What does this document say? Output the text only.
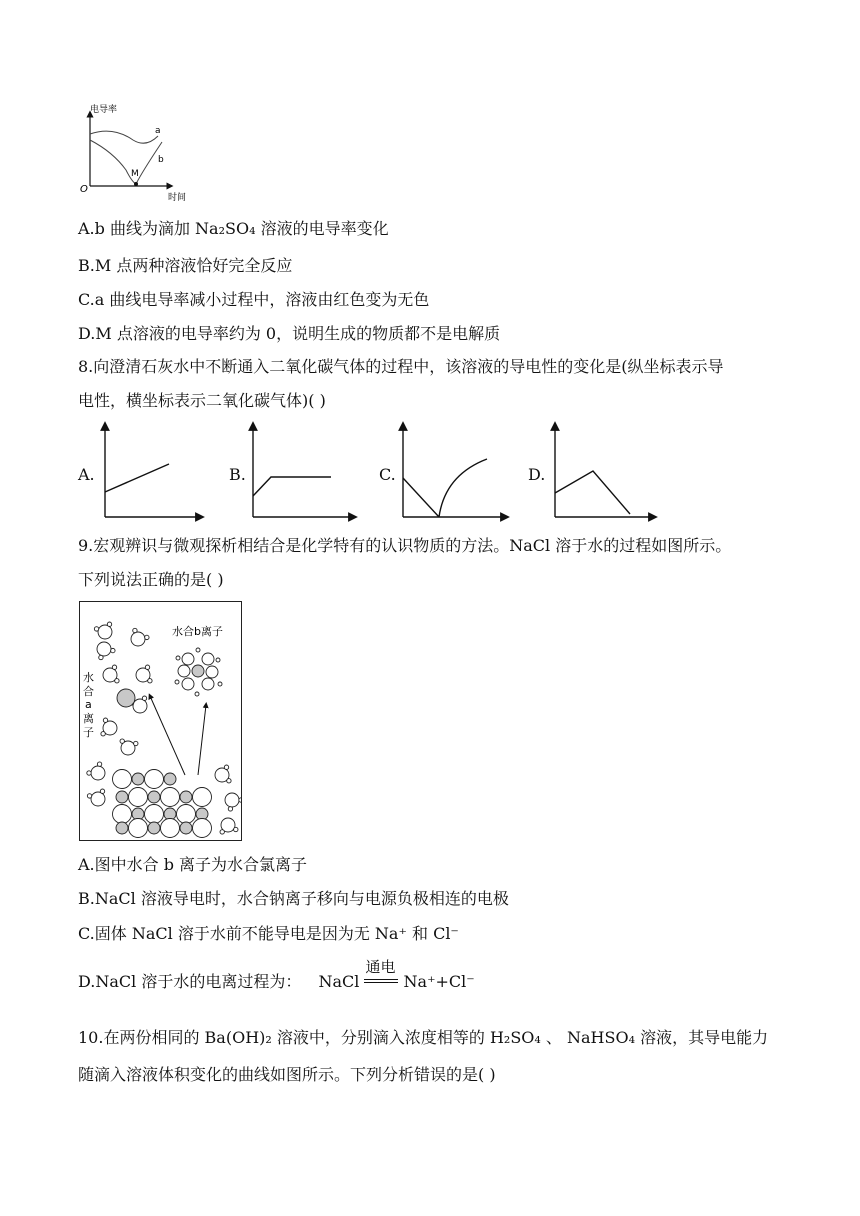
电导率
时间
O
a
b
M
A.b 曲线为滴加 Na₂SO₄ 溶液的电导率变化
B.M 点两种溶液恰好完全反应
C.a 曲线电导率减小过程中，溶液由红色变为无色
D.M 点溶液的电导率约为 0，说明生成的物质都不是电解质
8.向澄清石灰水中不断通入二氧化碳气体的过程中，该溶液的导电性的变化是(纵坐标表示导
电性，横坐标表示二氧化碳气体)( )
A.	B.	C.	D.
9.宏观辨识与微观探析相结合是化学特有的认识物质的方法。NaCl 溶于水的过程如图所示。
下列说法正确的是( )
水合b离子
水
合
a
离
子
A.图中水合 b 离子为水合氯离子
B.NaCl 溶液导电时，水合钠离子移向与电源负极相连的电极
C.固体 NaCl 溶于水前不能导电是因为无 Na⁺ 和 Cl⁻
D.NaCl 溶于水的电离过程为： NaCl
通电
Na⁺+Cl⁻
10.在两份相同的 Ba(OH)₂ 溶液中，分别滴入浓度相等的 H₂SO₄ 、 NaHSO₄ 溶液，其导电能力
随滴入溶液体积变化的曲线如图所示。下列分析错误的是( )
